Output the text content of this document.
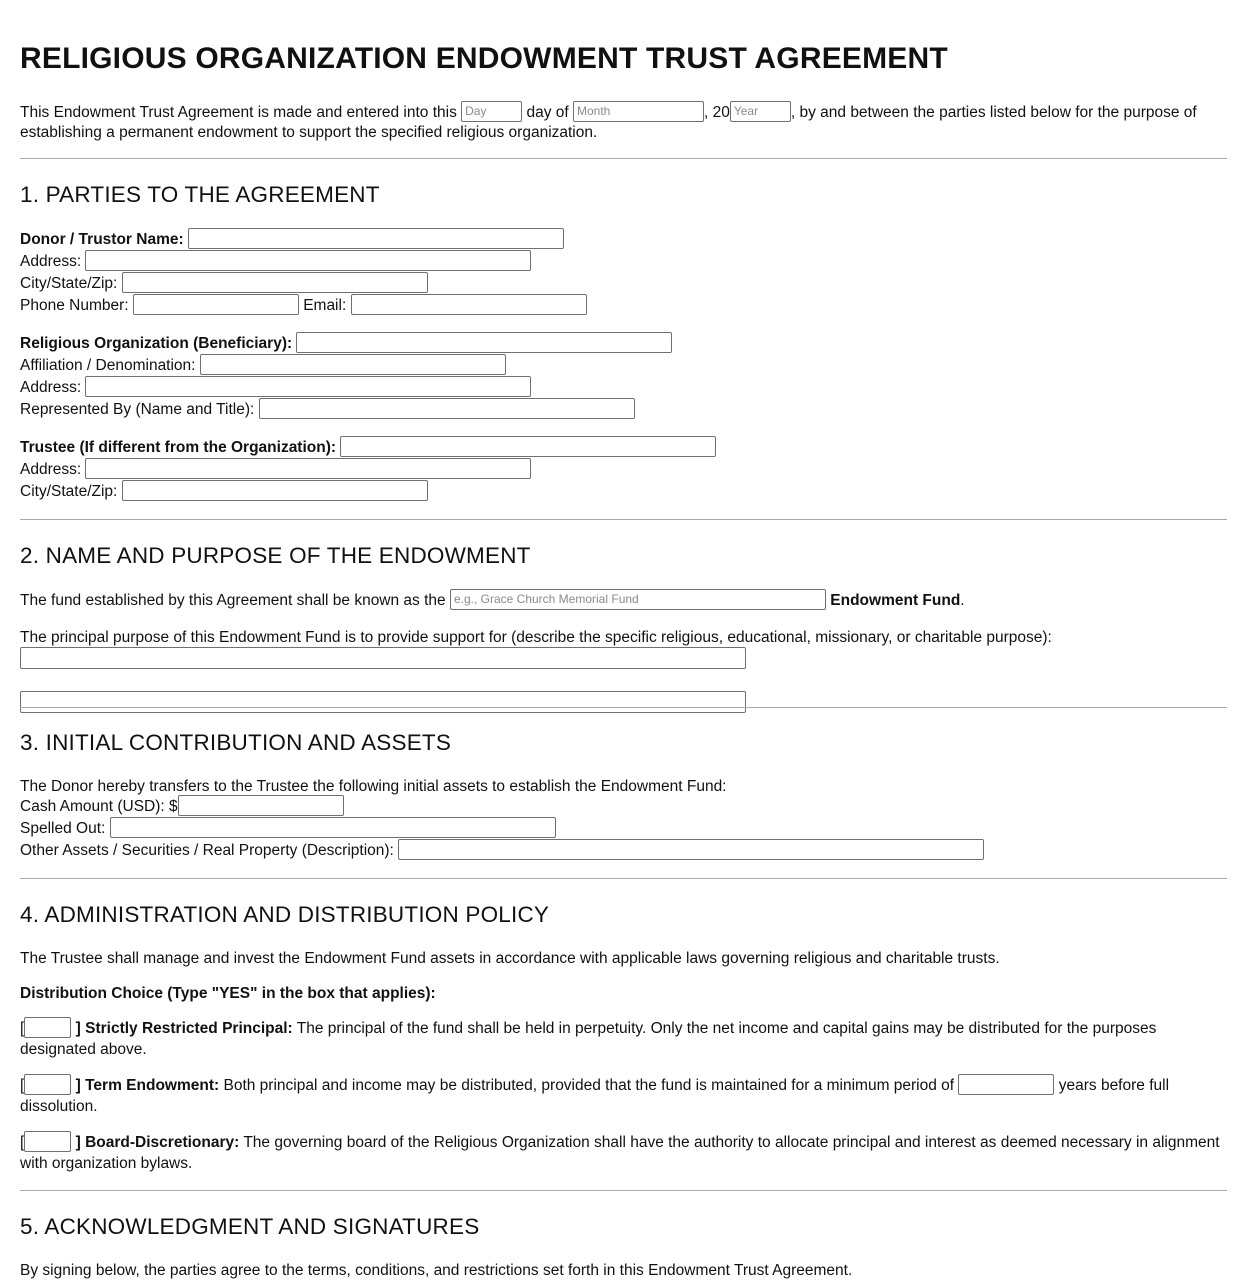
RELIGIOUS ORGANIZATION ENDOWMENT TRUST AGREEMENT
This Endowment Trust Agreement is made and entered into this

Day
	day of

Month	, 20
Year	, by and between the parties listed below for the purpose of
establishing a permanent endowment to support the specified religious organization.
1. PARTIES TO THE AGREEMENT
Donor / Trustor Name:

Address:

City/State/Zip:

Phone Number:

	Email:

Religious Organization (Beneficiary):

Affiliation / Denomination:

Address:

Represented By (Name and Title):

Trustee (If different from the Organization):

Address:

City/State/Zip:

2. NAME AND PURPOSE OF THE ENDOWMENT
The fund established by this Agreement shall be known as the

e.g., Grace Church Memorial Fund
	Endowment Fund .
The principal purpose of this Endowment Fund is to provide support for (describe the specific religious, educational, missionary, or charitable purpose):

3. INITIAL CONTRIBUTION AND ASSETS
The Donor hereby transfers to the Trustee the following initial assets to establish the Endowment Fund:
Cash Amount (USD): $
Spelled Out:

Other Assets / Securities / Real Property (Description):

4. ADMINISTRATION AND DISTRIBUTION POLICY
The Trustee shall manage and invest the Endowment Fund assets in accordance with applicable laws governing religious and charitable trusts.
Distribution Choice (Type "YES" in the box that applies):
[	] Strictly Restricted Principal: The principal of the fund shall be held in perpetuity. Only the net income and capital gains may be distributed for the purposes designated above.
[	] Term Endowment: Both principal and income may be distributed, provided that the fund is maintained for a minimum period of	years before full dissolution.
[	] Board-Discretionary: The governing board of the Religious Organization shall have the authority to allocate principal and interest as deemed necessary in alignment with organization bylaws.
5. ACKNOWLEDGMENT AND SIGNATURES
By signing below, the parties agree to the terms, conditions, and restrictions set forth in this Endowment Trust Agreement.
